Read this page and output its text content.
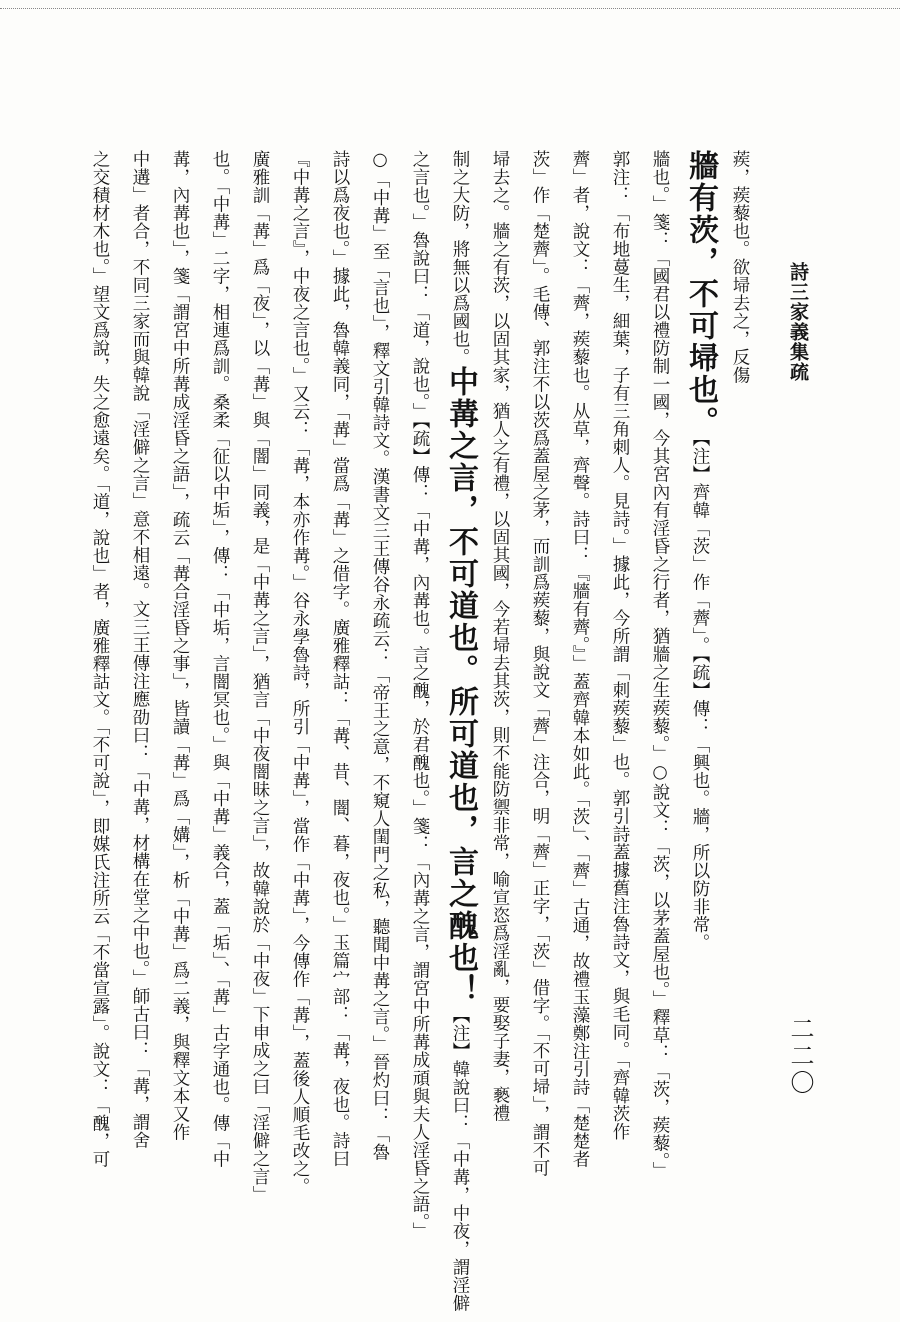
詩三家義集疏
二二〇
蒺，蒺藜也。欲埽去之，反傷
牆有茨，不可埽也。【注】齊韓「茨」作「薺」。【疏】傳：「興也。牆，所以防非常。
牆也。」箋：「國君以禮防制一國，今其宮內有淫昏之行者，猶牆之生蒺藜。」○說文：「茨，以茅蓋屋也。」釋草：「茨，蒺藜。」
郭注：「布地蔓生，細葉，子有三角刺人。見詩。」據此，今所謂「刺蒺藜」也。郭引詩蓋據舊注魯詩文，與毛同。「齊韓茨作
薺」者，說文：「薺，蒺藜也。从草，齊聲。詩曰：『牆有薺。』」蓋齊韓本如此。「茨」、「薺」古通，故禮玉藻鄭注引詩「楚楚者
茨」作「楚薺」。毛傳、郭注不以茨爲蓋屋之茅，而訓爲蒺藜，與說文「薺」注合，明「薺」正字，「茨」借字。「不可埽」，謂不可
埽去之。牆之有茨，以固其家，猶人之有禮，以固其國，今若埽去其茨，則不能防禦非常，喻宣恣爲淫亂，要娶子妻，褻禮
制之大防，將無以爲國也。中冓之言，不可道也。所可道也，言之醜也！【注】韓說曰：「中冓，中夜，謂淫僻
之言也。」魯說曰：「道，說也。」【疏】傳：「中冓，內冓也。言之醜，於君醜也。」箋：「內冓之言，謂宮中所冓成頑與夫人淫昏之語。」
○「中冓」至「言也」，釋文引韓詩文。漢書文三王傳谷永疏云：「帝王之意，不窺人閨門之私，聽聞中冓之言。」晉灼曰：「魯
詩以爲夜也。」據此，魯韓義同，「冓」當爲「冓」之借字。廣雅釋詁：「冓、昔、闇、暮，夜也。」玉篇宀部：「冓，夜也。詩曰
『中冓之言』，中夜之言也。」又云：「冓，本亦作冓。」谷永學魯詩，所引「中冓」，當作「中冓」，今傳作「冓」，蓋後人順毛改之。
廣雅訓「冓」爲「夜」，以「冓」與「闇」同義，是「中冓之言」，猶言「中夜闇昧之言」，故韓說於「中夜」下申成之曰「淫僻之言」
也。「中冓」二字，相連爲訓。桑柔「征以中垢」，傳：「中垢，言闇冥也。」與「中冓」義合，蓋「垢」、「冓」古字通也。傳「中
冓，內冓也」，箋「謂宮中所冓成淫昏之語」，疏云「冓合淫昏之事」，皆讀「冓」爲「媾」，析「中冓」爲二義，與釋文本又作
中遘」者合，不同三家而與韓說「淫僻之言」意不相遠。文三王傳注應劭曰：「中冓，材構在堂之中也。」師古曰：「冓，謂舍
之交積材木也。」望文爲說，失之愈遠矣。「道，說也」者，廣雅釋詁文。「不可說」，即媒氏注所云「不當宣露」。說文：「醜，可
